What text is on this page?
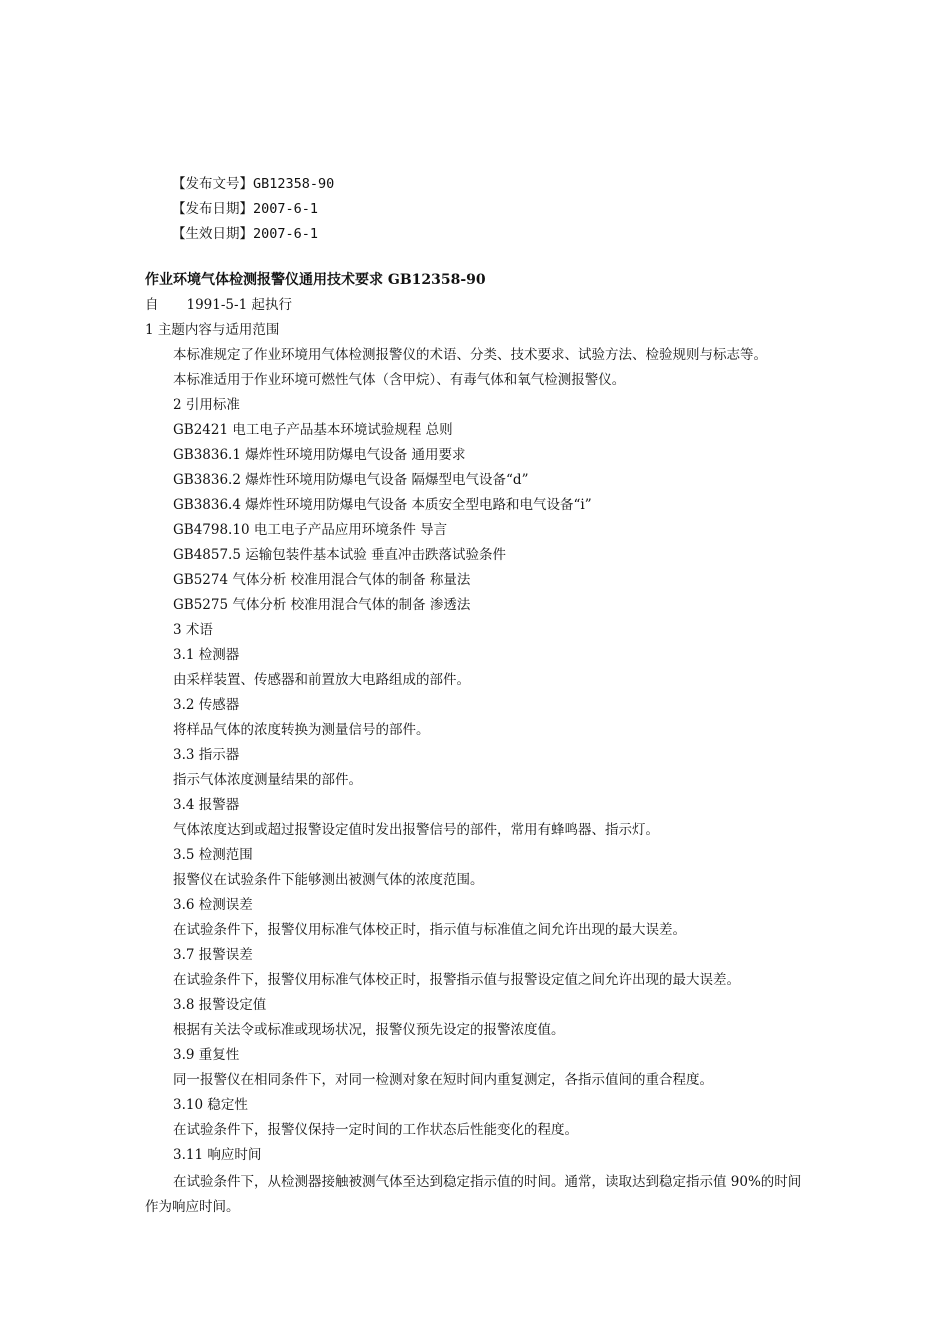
【发布文号】GB12358-90
【发布日期】2007-6-1
【生效日期】2007-6-1
作业环境气体检测报警仪通用技术要求 GB12358-90
自 1991-5-1 起执行
1 主题内容与适用范围
本标准规定了作业环境用气体检测报警仪的术语、分类、技术要求、试验方法、检验规则与标志等。
本标准适用于作业环境可燃性气体（含甲烷）、有毒气体和氧气检测报警仪。
2 引用标准
GB2421 电工电子产品基本环境试验规程 总则
GB3836.1 爆炸性环境用防爆电气设备 通用要求
GB3836.2 爆炸性环境用防爆电气设备 隔爆型电气设备“d”
GB3836.4 爆炸性环境用防爆电气设备 本质安全型电路和电气设备“i”
GB4798.10 电工电子产品应用环境条件 导言
GB4857.5 运输包装件基本试验 垂直冲击跌落试验条件
GB5274 气体分析 校准用混合气体的制备 称量法
GB5275 气体分析 校准用混合气体的制备 渗透法
3 术语
3.1 检测器
由采样装置、传感器和前置放大电路组成的部件。
3.2 传感器
将样品气体的浓度转换为测量信号的部件。
3.3 指示器
指示气体浓度测量结果的部件。
3.4 报警器
气体浓度达到或超过报警设定值时发出报警信号的部件，常用有蜂鸣器、指示灯。
3.5 检测范围
报警仪在试验条件下能够测出被测气体的浓度范围。
3.6 检测误差
在试验条件下，报警仪用标准气体校正时，指示值与标准值之间允许出现的最大误差。
3.7 报警误差
在试验条件下，报警仪用标准气体校正时，报警指示值与报警设定值之间允许出现的最大误差。
3.8 报警设定值
根据有关法令或标准或现场状况，报警仪预先设定的报警浓度值。
3.9 重复性
同一报警仪在相同条件下，对同一检测对象在短时间内重复测定，各指示值间的重合程度。
3.10 稳定性
在试验条件下，报警仪保持一定时间的工作状态后性能变化的程度。
3.11 响应时间
在试验条件下，从检测器接触被测气体至达到稳定指示值的时间。通常，读取达到稳定指示值 90%的时间作为响应时间。
